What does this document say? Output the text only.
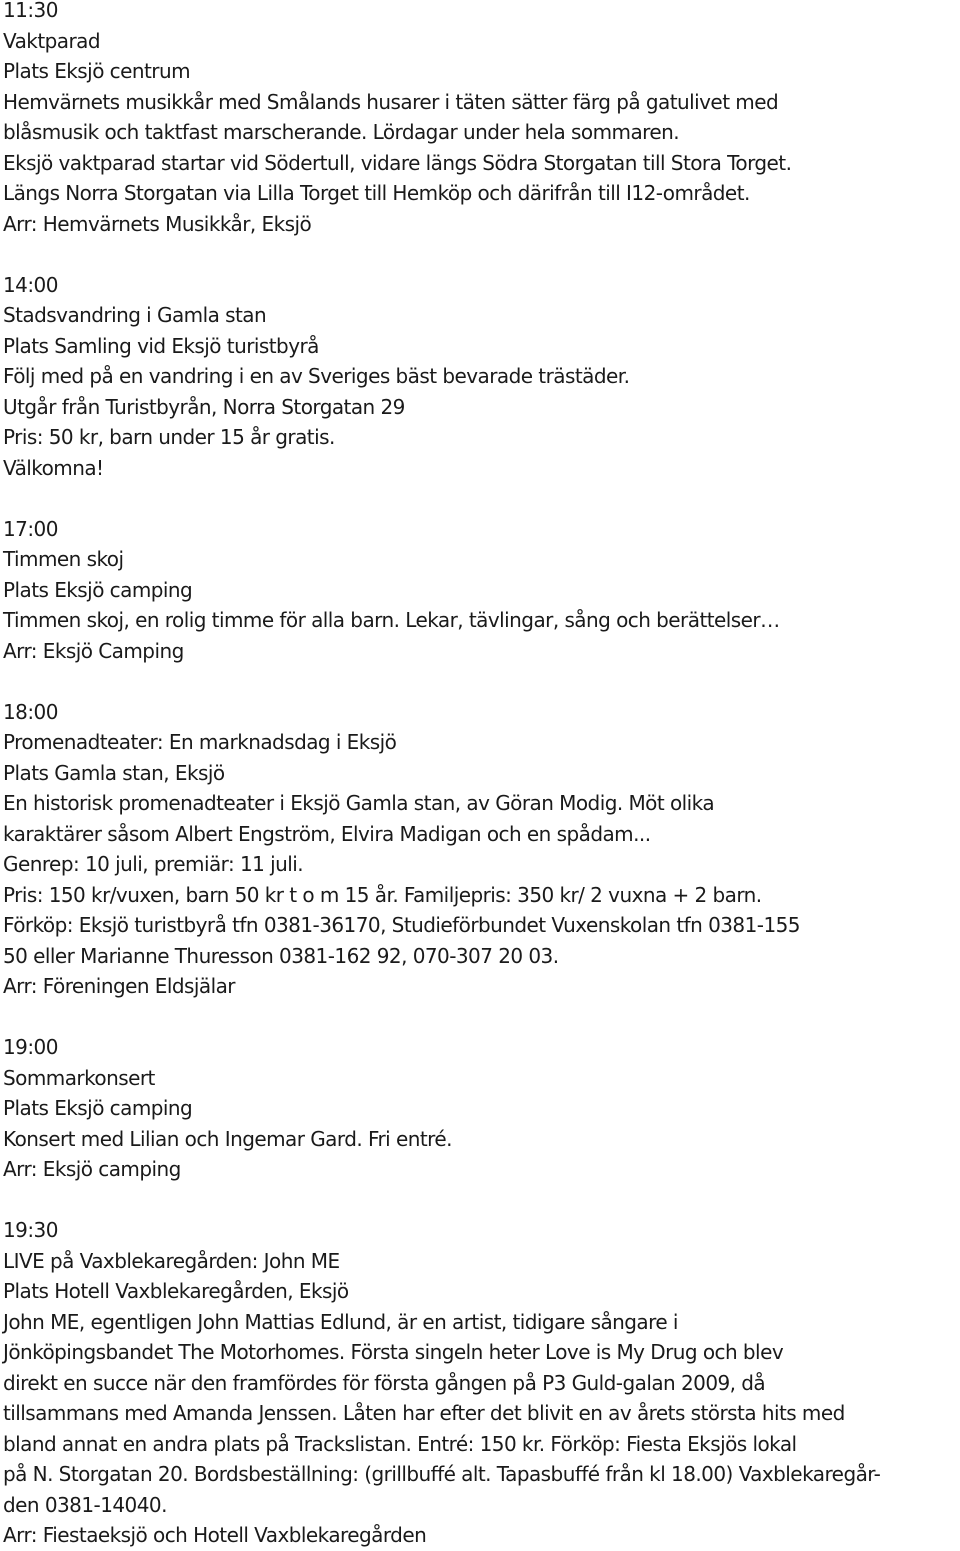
11:30
Vaktparad
Plats Eksjö centrum
Hemvärnets musikkår med Smålands husarer i täten sätter färg på gatulivet med
blåsmusik och taktfast marscherande. Lördagar under hela sommaren.
Eksjö vaktparad startar vid Södertull, vidare längs Södra Storgatan till Stora Torget.
Längs Norra Storgatan via Lilla Torget till Hemköp och därifrån till I12-området.
Arr: Hemvärnets Musikkår, Eksjö
14:00
Stadsvandring i Gamla stan
Plats Samling vid Eksjö turistbyrå
Följ med på en vandring i en av Sveriges bäst bevarade trästäder.
Utgår från Turistbyrån, Norra Storgatan 29
Pris: 50 kr, barn under 15 år gratis.
Välkomna!
17:00
Timmen skoj
Plats Eksjö camping
Timmen skoj, en rolig timme för alla barn. Lekar, tävlingar, sång och berättelser…
Arr: Eksjö Camping
18:00
Promenadteater: En marknadsdag i Eksjö
Plats Gamla stan, Eksjö
En historisk promenadteater i Eksjö Gamla stan, av Göran Modig. Möt olika
karaktärer såsom Albert Engström, Elvira Madigan och en spådam...
Genrep: 10 juli, premiär: 11 juli.
Pris: 150 kr/vuxen, barn 50 kr t o m 15 år. Familjepris: 350 kr/ 2 vuxna + 2 barn.
Förköp: Eksjö turistbyrå tfn 0381-36170, Studieförbundet Vuxenskolan tfn 0381-155
50 eller Marianne Thuresson 0381-162 92, 070-307 20 03.
Arr: Föreningen Eldsjälar
19:00
Sommarkonsert
Plats Eksjö camping
Konsert med Lilian och Ingemar Gard. Fri entré.
Arr: Eksjö camping
19:30
LIVE på Vaxblekaregården: John ME
Plats Hotell Vaxblekaregården, Eksjö
John ME, egentligen John Mattias Edlund, är en artist, tidigare sångare i
Jönköpingsbandet The Motorhomes. Första singeln heter Love is My Drug och blev
direkt en succe när den framfördes för första gången på P3 Guld-galan 2009, då
tillsammans med Amanda Jenssen. Låten har efter det blivit en av årets största hits med
bland annat en andra plats på Trackslistan. Entré: 150 kr. Förköp: Fiesta Eksjös lokal
på N. Storgatan 20. Bordsbeställning: (grillbuffé alt. Tapasbuffé från kl 18.00) Vaxblekaregår-
den 0381-14040.
Arr: Fiestaeksjö och Hotell Vaxblekaregården
